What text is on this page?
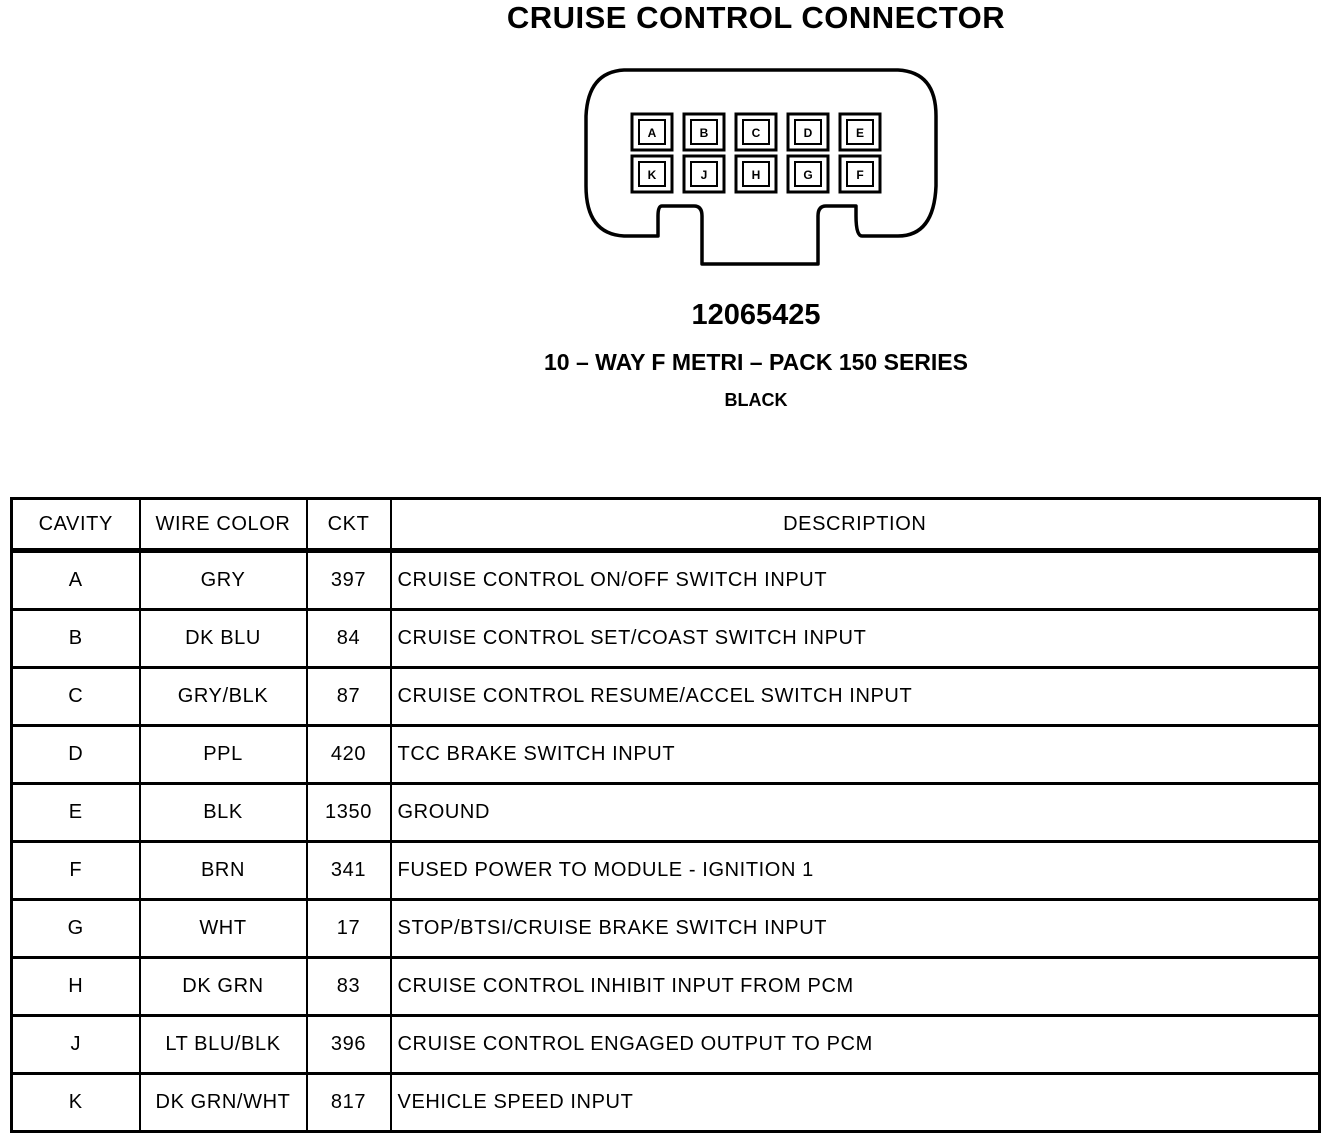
CRUISE CONTROL CONNECTOR
A	B	C	D	E
K	J	H	G	F
12065425
10 – WAY F METRI – PACK 150 SERIES
BLACK
CAVITY	WIRE COLOR	CKT	DESCRIPTION
A	GRY	397	CRUISE CONTROL ON/OFF SWITCH INPUT
B	DK BLU	84	CRUISE CONTROL SET/COAST SWITCH INPUT
C	GRY/BLK	87	CRUISE CONTROL RESUME/ACCEL SWITCH INPUT
D	PPL	420	TCC BRAKE SWITCH INPUT
E	BLK	1350	GROUND
F	BRN	341	FUSED POWER TO MODULE - IGNITION 1
G	WHT	17	STOP/BTSI/CRUISE BRAKE SWITCH INPUT
H	DK GRN	83	CRUISE CONTROL INHIBIT INPUT FROM PCM
J	LT BLU/BLK	396	CRUISE CONTROL ENGAGED OUTPUT TO PCM
K	DK GRN/WHT	817	VEHICLE SPEED INPUT
